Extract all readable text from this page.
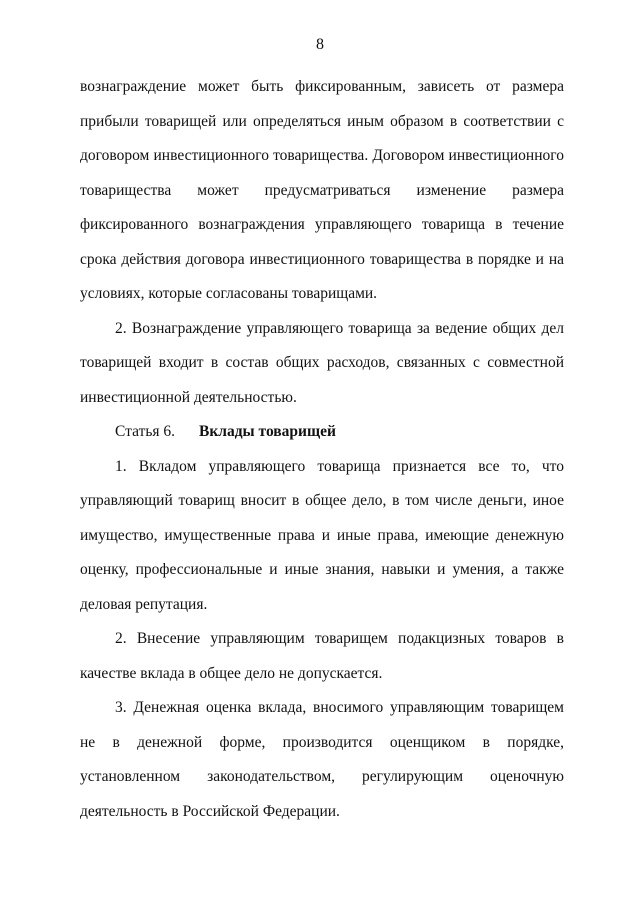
8

вознаграждение может быть фиксированным, зависеть от размера прибыли товарищей или определяться иным образом в соответствии с договором инвестиционного товарищества. Договором инвестиционного товарищества может предусматриваться изменение размера фиксированного вознаграждения управляющего товарища в течение срока действия договора инвестиционного товарищества в порядке и на условиях, которые согласованы товарищами.

2. Вознаграждение управляющего товарища за ведение общих дел товарищей входит в состав общих расходов, связанных с совместной инвестиционной деятельностью.

Статья 6. Вклады товарищей

1. Вкладом управляющего товарища признается все то, что управляющий товарищ вносит в общее дело, в том числе деньги, иное имущество, имущественные права и иные права, имеющие денежную оценку, профессиональные и иные знания, навыки и умения, а также деловая репутация.

2. Внесение управляющим товарищем подакцизных товаров в качестве вклада в общее дело не допускается.

3. Денежная оценка вклада, вносимого управляющим товарищем не в денежной форме, производится оценщиком в порядке, установленном законодательством, регулирующим оценочную деятельность в Российской Федерации.
